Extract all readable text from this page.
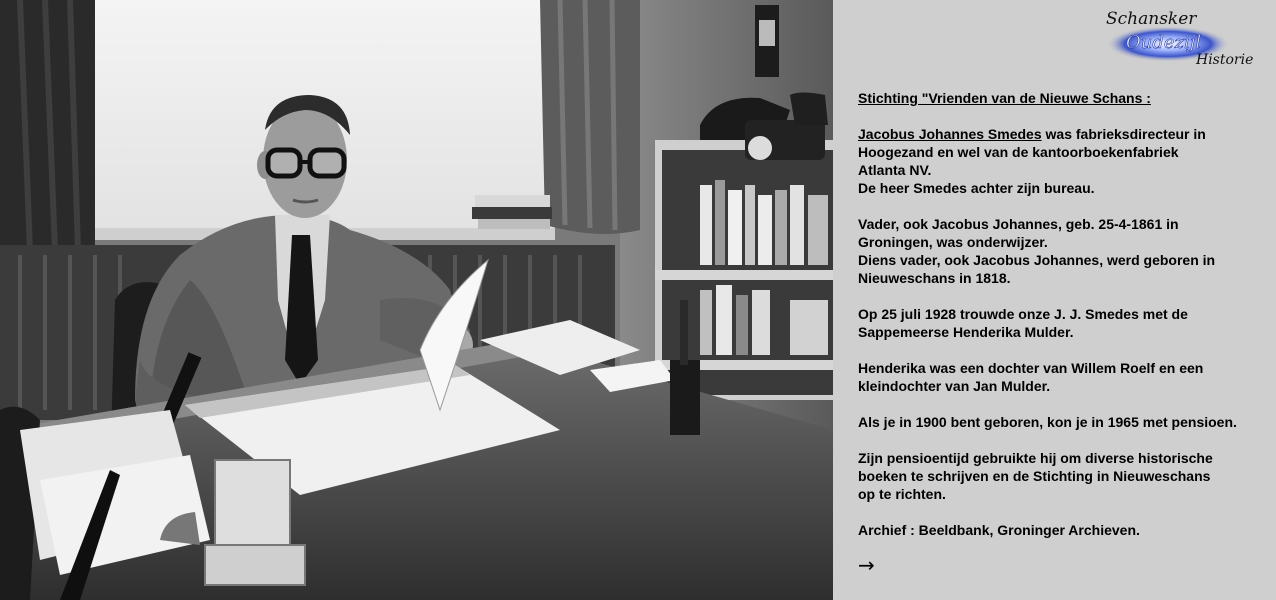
Schansker
Oudezijl
Historie

Stichting "Vrienden van de Nieuwe Schans :

Jacobus Johannes Smedes was fabrieksdirecteur in
Hoogezand en wel van de kantoorboekenfabriek
Atlanta NV.
De heer Smedes achter zijn bureau.

Vader, ook Jacobus Johannes, geb. 25-4-1861 in
Groningen, was onderwijzer.
Diens vader, ook Jacobus Johannes, werd geboren in
Nieuweschans in 1818.

Op 25 juli 1928 trouwde onze J. J. Smedes met de
Sappemeerse Henderika Mulder.

Henderika was een dochter van Willem Roelf en een
kleindochter van Jan Mulder.

Als je in 1900 bent geboren, kon je in 1965 met pensioen.

Zijn pensioentijd gebruikte hij om diverse historische
boeken te schrijven en de Stichting in Nieuweschans
op te richten.

Archief : Beeldbank, Groninger Archieven.

→
